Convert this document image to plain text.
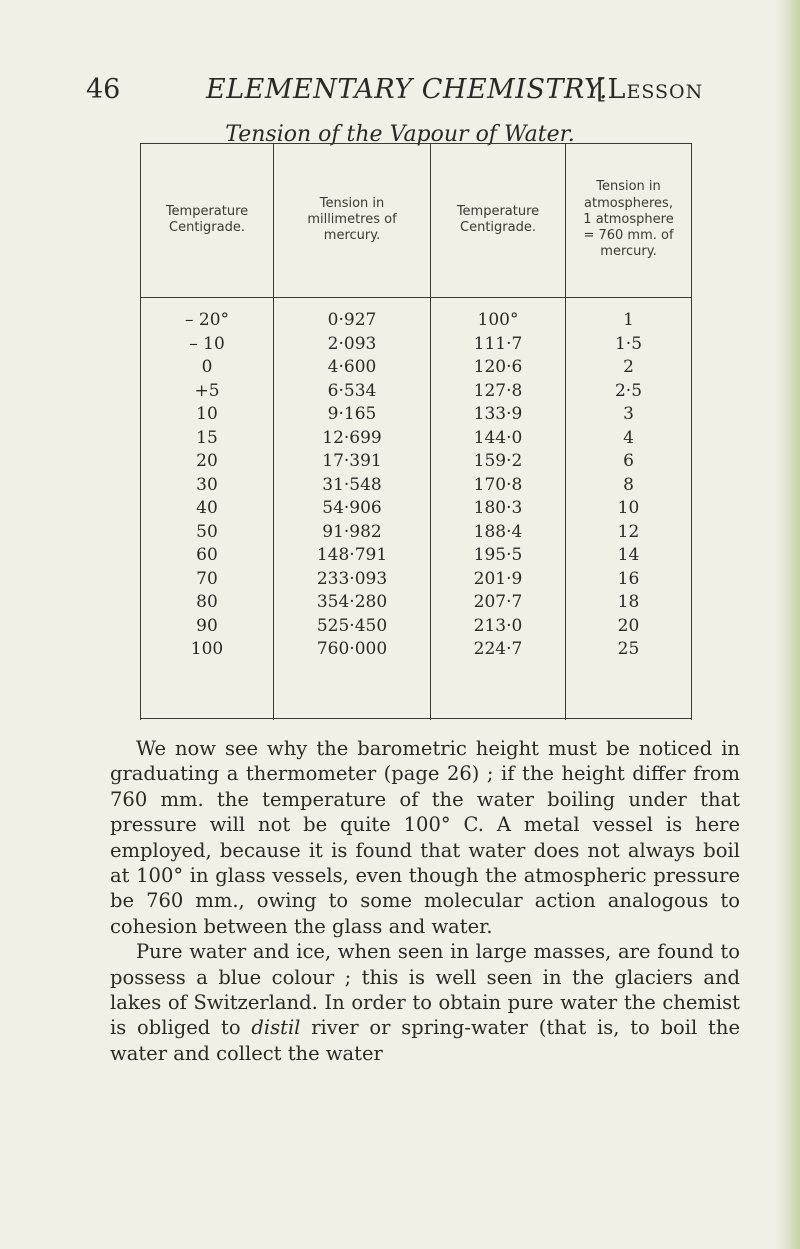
46	ELEMENTARY CHEMISTRY.
[Lesson
Tension of the Vapour of Water.
Temperature
Centigrade.
Tension in
millimetres of
mercury.
Temperature
Centigrade.
Tension in
atmospheres,
1 atmosphere
= 760 mm. of
mercury.
– 20°
– 10
0
+5
10
15
20
30
40
50
60
70
80
90
100
0·927
2·093
4·600
6·534
9·165
12·699
17·391
31·548
54·906
91·982
148·791
233·093
354·280
525·450
760·000
100°
111·7
120·6
127·8
133·9
144·0
159·2
170·8
180·3
188·4
195·5
201·9
207·7
213·0
224·7
1
1·5
2
2·5
3
4
6
8
10
12
14
16
18
20
25

We now see why the barometric height must be noticed in graduating a thermometer (page 26) ; if the height differ from 760 mm. the temperature of the water boiling under that pressure will not be quite 100° C. A metal vessel is here employed, because it is found that water does not always boil at 100° in glass vessels, even though the atmospheric pressure be 760 mm., owing to some molecular action analogous to cohesion between the glass and water.

Pure water and ice, when seen in large masses, are found to possess a blue colour ; this is well seen in the glaciers and lakes of Switzerland. In order to obtain pure water the chemist is obliged to distil river or spring-water (that is, to boil the water and collect the water
